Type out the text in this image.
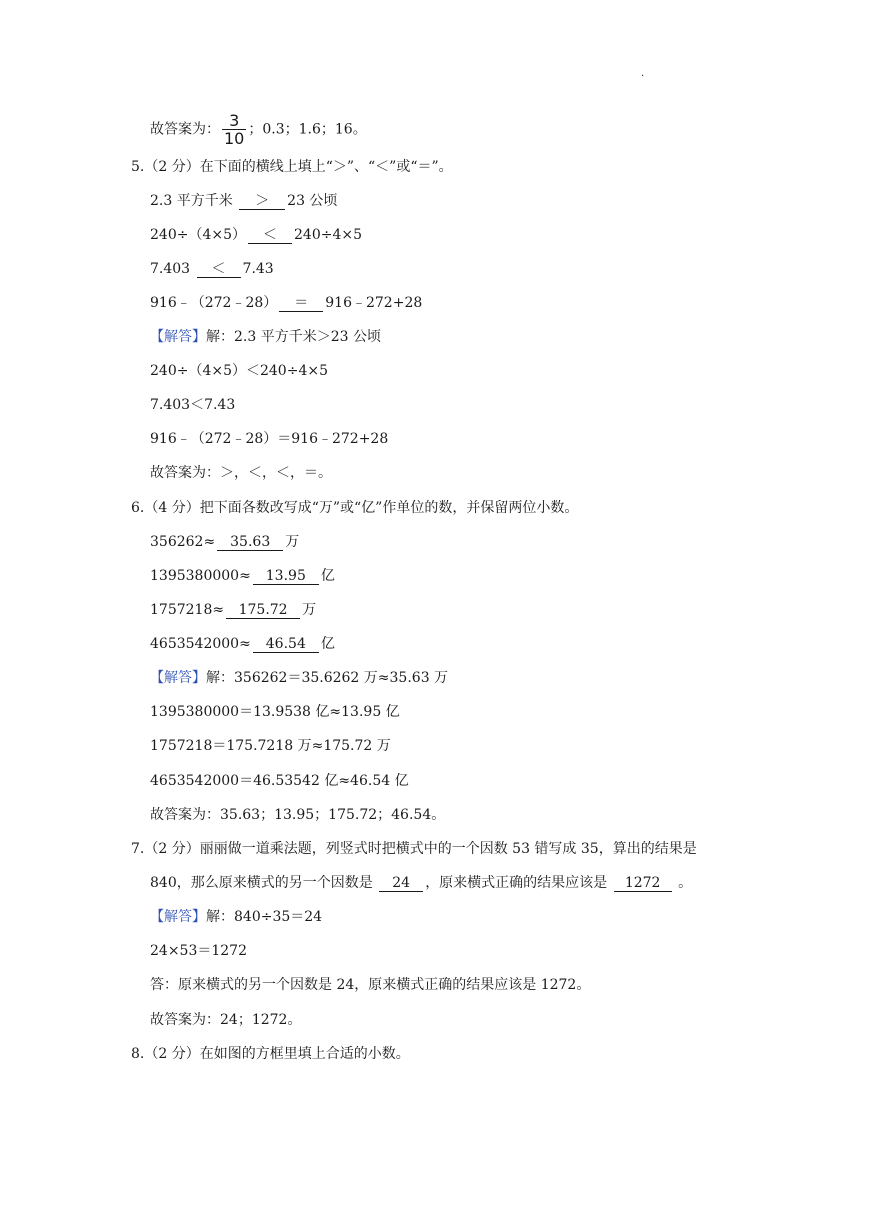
.
故答案为： $\frac{3}{10}$ ；0.3；1.6；16。
5.（2 分）在下面的横线上填上“＞”、“＜”或“＝”。
2.3 平方千米 ＞ 23 公顷
240÷（4×5） ＜ 240÷4×5
7.403 ＜ 7.43
916﹣（272﹣28） ＝ 916﹣272+28
【解答】解：2.3 平方千米＞23 公顷
240÷（4×5）＜240÷4×5
7.403＜7.43
916﹣（272﹣28）＝916﹣272+28
故答案为：＞，＜，＜，＝。
6.（4 分）把下面各数改写成“万”或“亿”作单位的数，并保留两位小数。
356262≈ 35.63 万
1395380000≈ 13.95 亿
1757218≈ 175.72 万
4653542000≈ 46.54 亿
【解答】解：356262＝35.6262 万≈35.63 万
1395380000＝13.9538 亿≈13.95 亿
1757218＝175.7218 万≈175.72 万
4653542000＝46.53542 亿≈46.54 亿
故答案为：35.63；13.95；175.72；46.54。
7.（2 分）丽丽做一道乘法题，列竖式时把横式中的一个因数 53 错写成 35，算出的结果是
840，那么原来横式的另一个因数是 24 ，原来横式正确的结果应该是 1272 。
【解答】解：840÷35＝24
24×53＝1272
答：原来横式的另一个因数是 24，原来横式正确的结果应该是 1272。
故答案为：24；1272。
8.（2 分）在如图的方框里填上合适的小数。
